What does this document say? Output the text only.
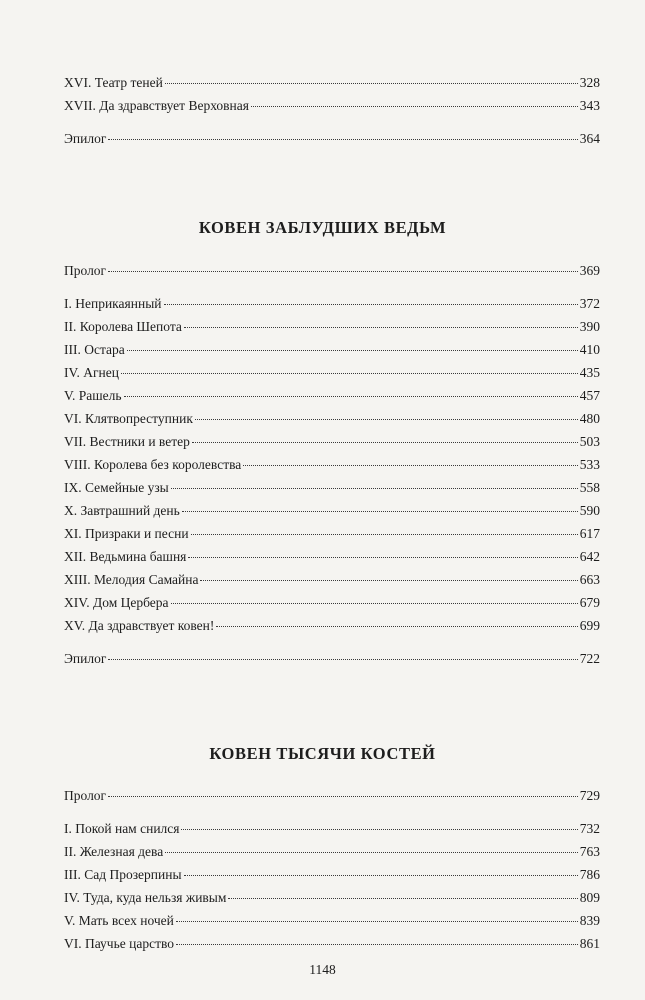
XVI. Театр теней	328
XVII. Да здравствует Верховная	343
Эпилог	364
КОВЕН ЗАБЛУДШИХ ВЕДЬМ
Пролог	369
I. Неприкаянный	372
II. Королева Шепота	390
III. Остара	410
IV. Агнец	435
V. Рашель	457
VI. Клятвопреступник	480
VII. Вестники и ветер	503
VIII. Королева без королевства	533
IX. Семейные узы	558
X. Завтрашний день	590
XI. Призраки и песни	617
XII. Ведьмина башня	642
XIII. Мелодия Самайна	663
XIV. Дом Цербера	679
XV. Да здравствует ковен!	699
Эпилог	722
КОВЕН ТЫСЯЧИ КОСТЕЙ
Пролог	729
I. Покой нам снился	732
II. Железная дева	763
III. Сад Прозерпины	786
IV. Туда, куда нельзя живым	809
V. Мать всех ночей	839
VI. Паучье царство	861
1148
